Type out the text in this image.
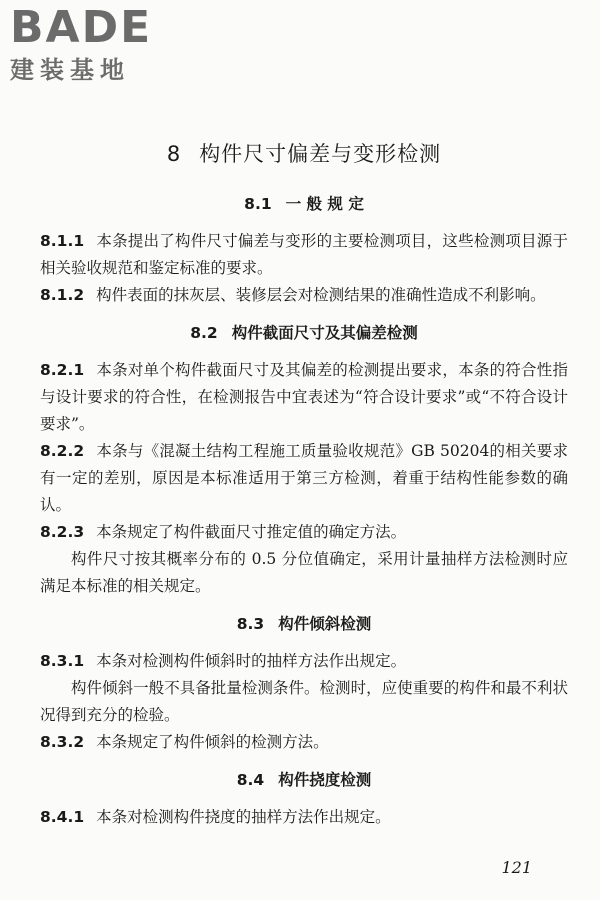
BADE
建装基地
8 构件尺寸偏差与变形检测
8.1 一 般 规 定

8.1.1 本条提出了构件尺寸偏差与变形的主要检测项目，这些检测项目源于相关验收规范和鉴定标准的要求。

8.1.2 构件表面的抹灰层、装修层会对检测结果的准确性造成不利影响。

8.2 构件截面尺寸及其偏差检测

8.2.1 本条对单个构件截面尺寸及其偏差的检测提出要求，本条的符合性指与设计要求的符合性，在检测报告中宜表述为“符合设计要求”或“不符合设计要求”。

8.2.2 本条与《混凝土结构工程施工质量验收规范》GB 50204的相关要求有一定的差别，原因是本标准适用于第三方检测，着重于结构性能参数的确认。

8.2.3 本条规定了构件截面尺寸推定值的确定方法。

构件尺寸按其概率分布的 0.5 分位值确定，采用计量抽样方法检测时应满足本标准的相关规定。

8.3 构件倾斜检测

8.3.1 本条对检测构件倾斜时的抽样方法作出规定。

构件倾斜一般不具备批量检测条件。检测时，应使重要的构件和最不利状况得到充分的检验。

8.3.2 本条规定了构件倾斜的检测方法。

8.4 构件挠度检测

8.4.1 本条对检测构件挠度的抽样方法作出规定。

121
